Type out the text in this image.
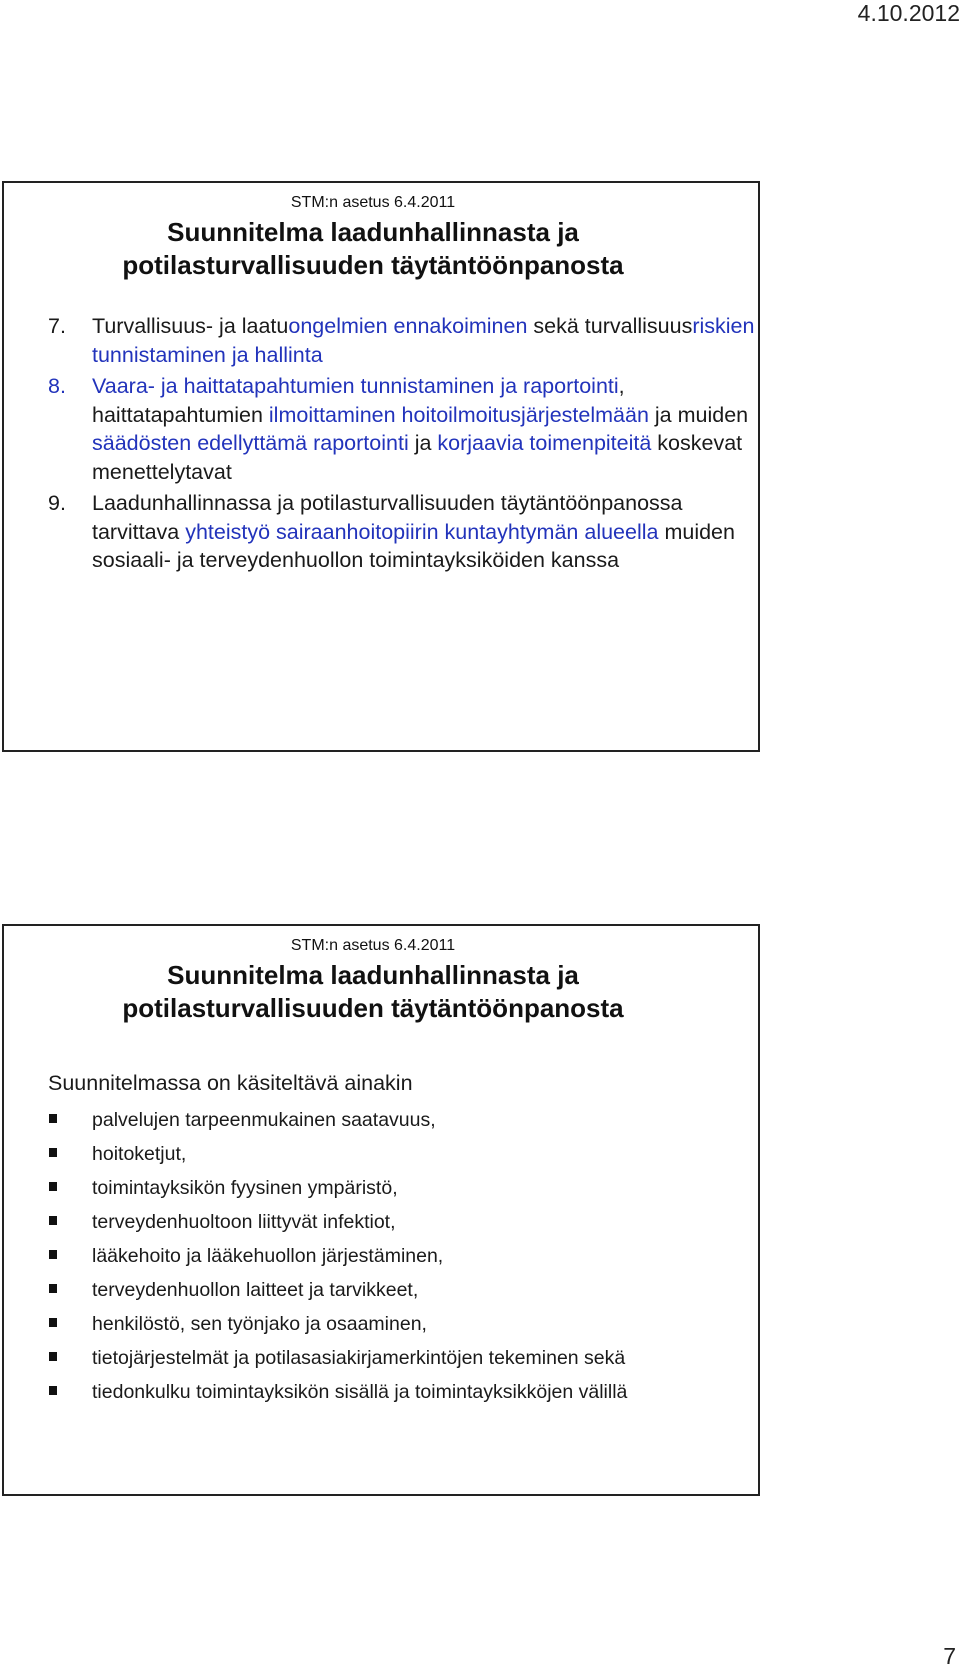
4.10.2012
STM:n asetus 6.4.2011
Suunnitelma laadunhallinnasta ja
potilasturvallisuuden täytäntöönpanosta
7. Turvallisuus- ja laatuongelmien ennakoiminen sekä turvallisuusriskien tunnistaminen ja hallinta
8. Vaara- ja haittatapahtumien tunnistaminen ja raportointi, haittatapahtumien ilmoittaminen hoitoilmoitusjärjestelmään ja muiden säädösten edellyttämä raportointi ja korjaavia toimenpiteitä koskevat menettelytavat
9. Laadunhallinnassa ja potilasturvallisuuden täytäntöönpanossa tarvittava yhteistyö sairaanhoitopiirin kuntayhtymän alueella muiden sosiaali- ja terveydenhuollon toimintayksiköiden kanssa
STM:n asetus 6.4.2011
Suunnitelma laadunhallinnasta ja
potilasturvallisuuden täytäntöönpanosta
Suunnitelmassa on käsiteltävä ainakin
palvelujen tarpeenmukainen saatavuus,
hoitoketjut,
toimintayksikön fyysinen ympäristö,
terveydenhuoltoon liittyvät infektiot,
lääkehoito ja lääkehuollon järjestäminen,
terveydenhuollon laitteet ja tarvikkeet,
henkilöstö, sen työnjako ja osaaminen,
tietojärjestelmät ja potilasasiakirjamerkintöjen tekeminen sekä
tiedonkulku toimintayksikön sisällä ja toimintayksikköjen välillä
7
